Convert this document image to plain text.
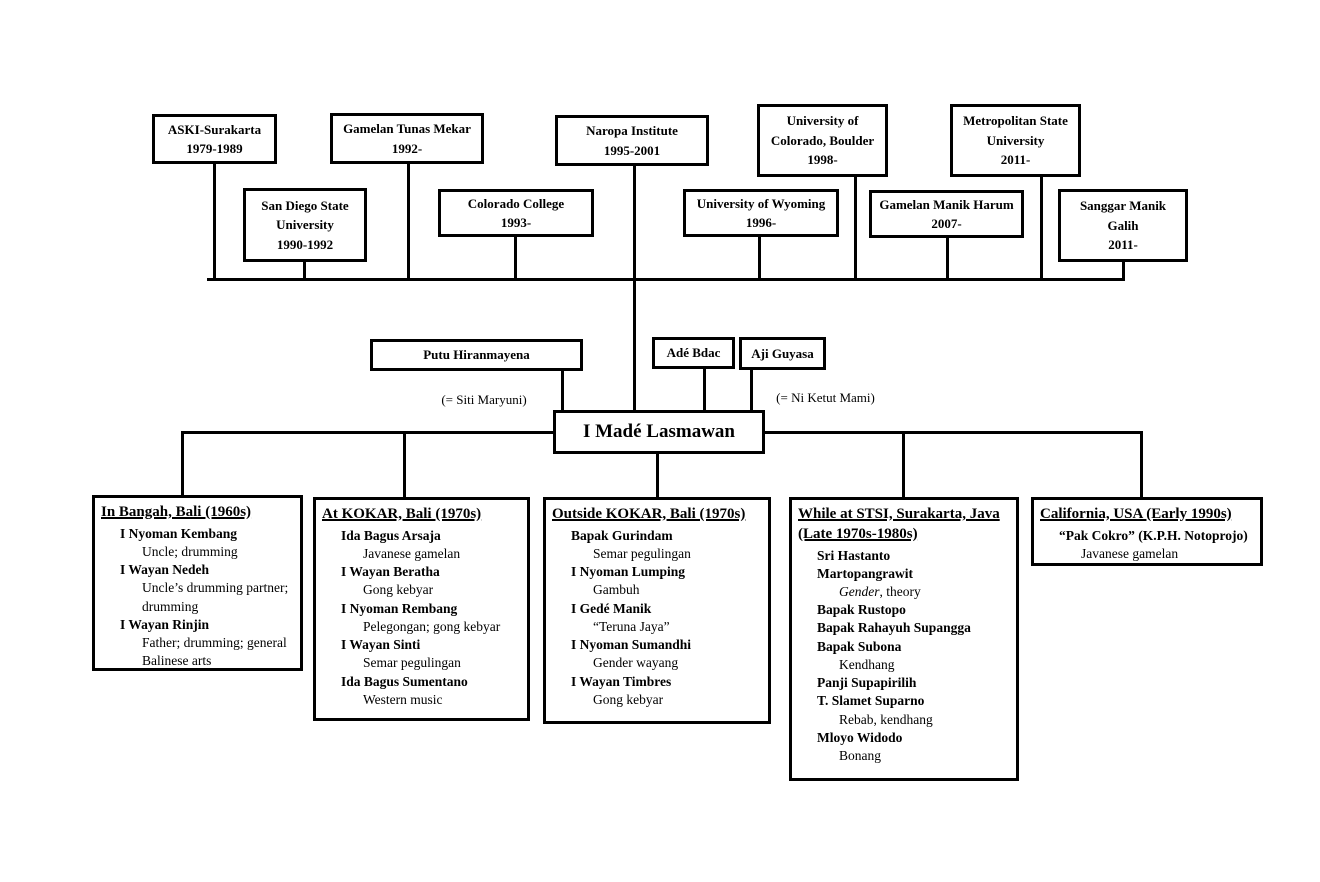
ASKI-Surakarta
1979-1989
Gamelan Tunas Mekar
1992-
Naropa Institute
1995-2001
University of
Colorado, Boulder
1998-
Metropolitan State
University
2011-
San Diego State
University
1990-1992
Colorado College
1993-
University of Wyoming
1996-
Gamelan Manik Harum
2007-
Sanggar Manik
Galih
2011-
Putu Hiranmayena	Adé Bdac Aji Guyasa
(= Siti Maryuni)	(= Ni Ketut Mami)
I Madé Lasmawan
In Bangah, Bali (1960s)
I Nyoman Kembang
Uncle; drumming
I Wayan Nedeh
Uncle’s drumming partner; drumming
I Wayan Rinjin
Father; drumming; general Balinese arts
At KOKAR, Bali (1970s)
Ida Bagus Arsaja
Javanese gamelan
I Wayan Beratha
Gong kebyar
I Nyoman Rembang
Pelegongan; gong kebyar
I Wayan Sinti
Semar pegulingan
Ida Bagus Sumentano
Western music
Outside KOKAR, Bali (1970s)
Bapak Gurindam
Semar pegulingan
I Nyoman Lumping
Gambuh
I Gedé Manik
“Teruna Jaya”
I Nyoman Sumandhi
Gender wayang
I Wayan Timbres
Gong kebyar
While at STSI, Surakarta, Java (Late 1970s-1980s)
Sri Hastanto
Martopangrawit
Gender, theory
Bapak Rustopo
Bapak Rahayuh Supangga
Bapak Subona
Kendhang
Panji Supapirilih
T. Slamet Suparno
Rebab, kendhang
Mloyo Widodo
Bonang
California, USA (Early 1990s)
“Pak Cokro” (K.P.H. Notoprojo)
Javanese gamelan
